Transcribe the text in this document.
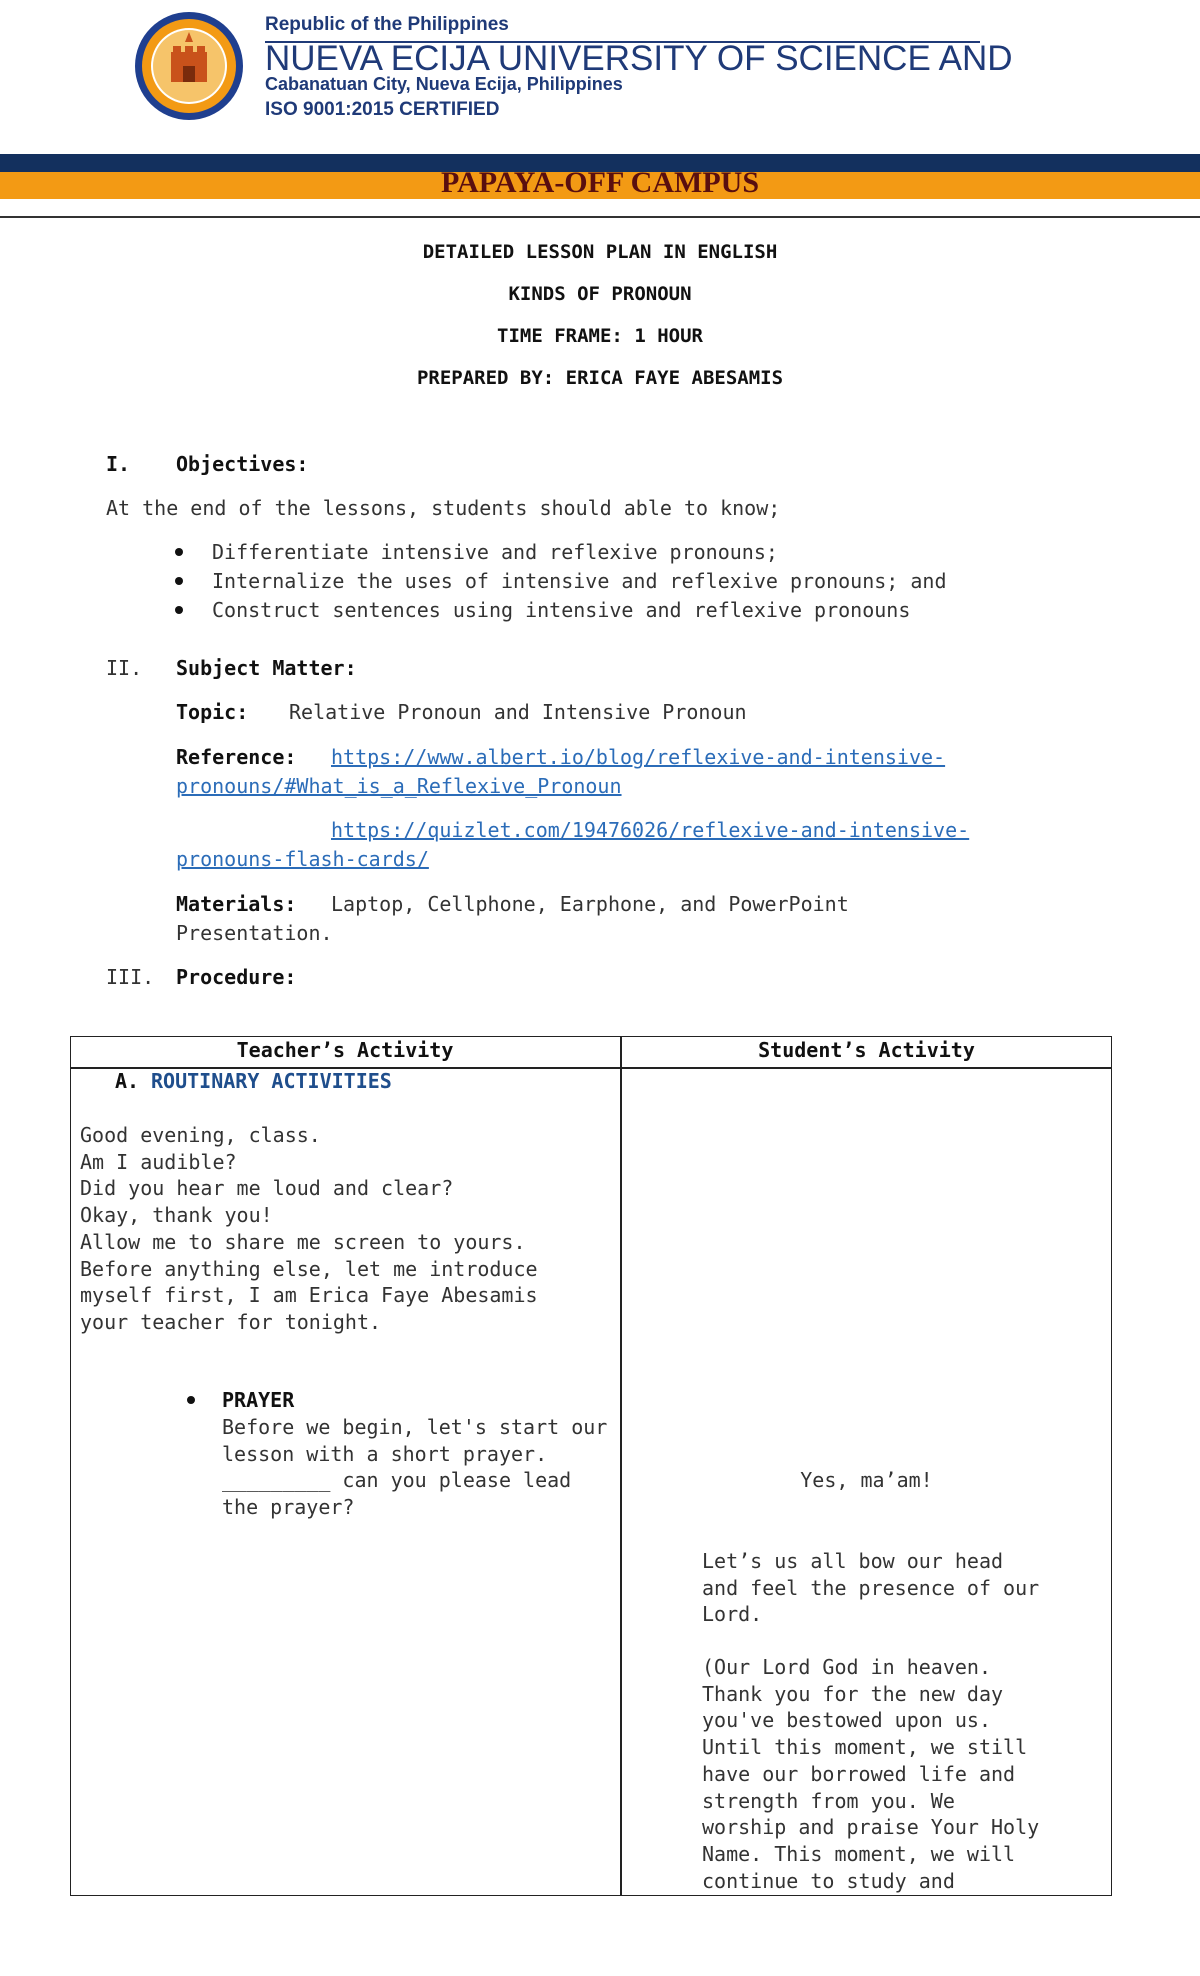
Republic of the Philippines

NUEVA ECIJA UNIVERSITY OF SCIENCE AND

Cabanatuan City, Nueva Ecija, Philippines

ISO 9001:2015 CERTIFIED

PAPAYA-OFF CAMPUS
DETAILED LESSON PLAN IN ENGLISH
KINDS OF PRONOUN
TIME FRAME: 1 HOUR
PREPARED BY: ERICA FAYE ABESAMIS
I. Objectives:
At the end of the lessons, students should able to know;
Differentiate intensive and reflexive pronouns;
Internalize the uses of intensive and reflexive pronouns; and
Construct sentences using intensive and reflexive pronouns
II. Subject Matter:
Topic: Relative Pronoun and Intensive Pronoun
Reference: https://www.albert.io/blog/reflexive-and-intensive-
pronouns/#What_is_a_Reflexive_Pronoun
https://quizlet.com/19476026/reflexive-and-intensive-
pronouns-flash-cards/
Materials: Laptop, Cellphone, Earphone, and PowerPoint
Presentation.
III. Procedure:
Teacher’s Activity	Student’s Activity
A. ROUTINARY ACTIVITIES
Good evening, class.
Am I audible?
Did you hear me loud and clear?
Okay, thank you!
Allow me to share me screen to yours.
Before anything else, let me introduce
myself first, I am Erica Faye Abesamis
your teacher for tonight.
PRAYER
Before we begin, let's start our
lesson with a short prayer.
_________ can you please lead
the prayer?
Yes, ma’am!
Let’s us all bow our head
and feel the presence of our
Lord.
(Our Lord God in heaven.
Thank you for the new day
you've bestowed upon us.
Until this moment, we still
have our borrowed life and
strength from you. We
worship and praise Your Holy
Name. This moment, we will
continue to study and
